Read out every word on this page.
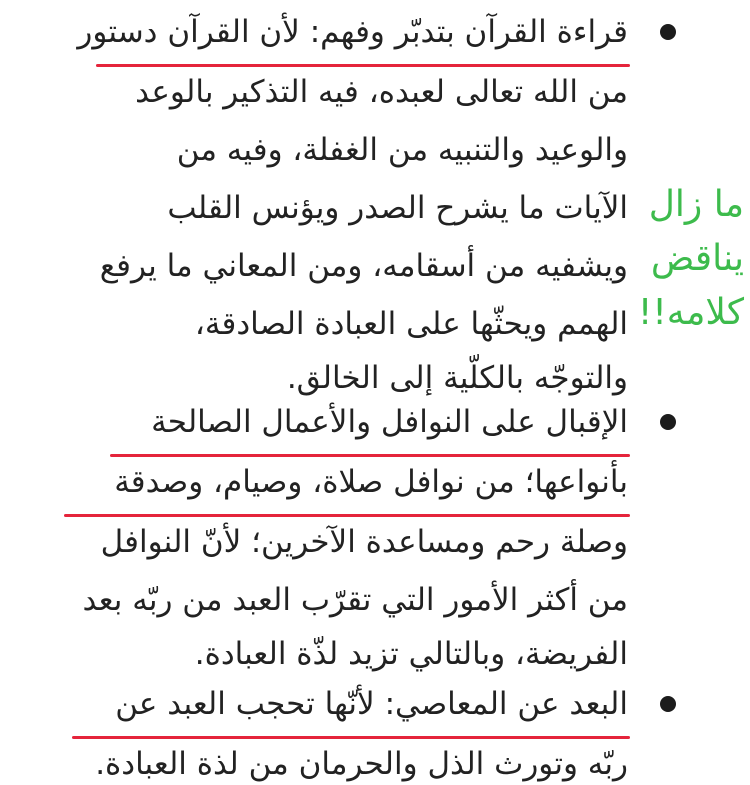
قراءة القرآن بتدبّر وفهم: لأن القرآن دستور
من الله تعالى لعبده، فيه التذكير بالوعد
والوعيد والتنبيه من الغفلة، وفيه من
الآيات ما يشرح الصدر ويؤنس القلب
ويشفيه من أسقامه، ومن المعاني ما يرفع
الهمم ويحثّها على العبادة الصادقة،
والتوجّه بالكلّية إلى الخالق.
الإقبال على النوافل والأعمال الصالحة
بأنواعها؛ من نوافل صلاة، وصيام، وصدقة
وصلة رحم ومساعدة الآخرين؛ لأنّ النوافل
من أكثر الأمور التي تقرّب العبد من ربّه بعد
الفريضة، وبالتالي تزيد لذّة العبادة.
البعد عن المعاصي: لأنّها تحجب العبد عن
ربّه وتورث الذل والحرمان من لذة العبادة.
ما زال
يناقض
كلامه!!
